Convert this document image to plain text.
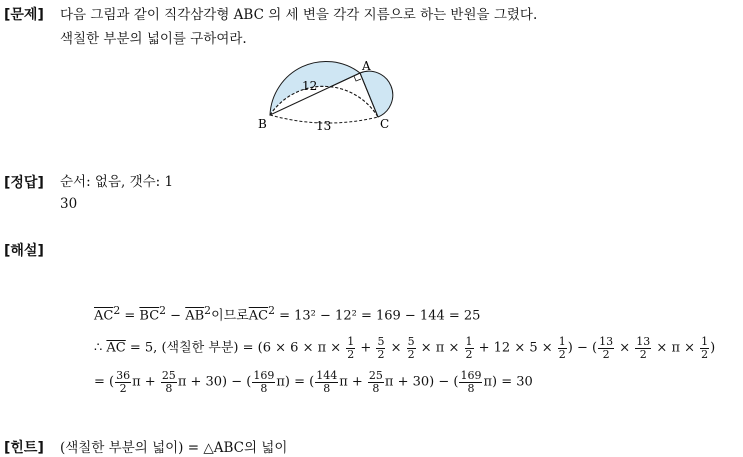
[문제] 다음 그림과 같이 직각삼각형 ABC 의 세 변을 각각 지름으로 하는 반원을 그렸다.
색칠한 부분의 넓이를 구하여라.
A
B	C
12
13
[정답] 순서: 없음, 갯수: 1
30
[해설]
$\overline{AC}^2 = \overline{BC}^2 - \overline{AB}^2$이므로$\overline{AC}^2 = 13^2 - 12^2 = 169 - 144 = 25$
∴ $\overline{AC} = 5$, (색칠한 부분) = ($6 \times 6 \times \pi \times \frac{1}{2} + \frac{5}{2} \times \frac{5}{2} \times \pi \times \frac{1}{2} + 12 \times 5 \times \frac{1}{2}$ ) − ( $\frac{13}{2} \times \frac{13}{2} \times \pi \times \frac{1}{2}$ )
= ( $\frac{36}{2}$ $\pi + \frac{25}{8}$ π + 30) − ( $\frac{169}{8} \pi$) = ( $\frac{144}{8}$ $\pi + \frac{25}{8}$ π + 30) − ( $\frac{169}{8} \pi) = 30$
[힌트] (색칠한 부분의 넓이) = △ABC의 넓이
